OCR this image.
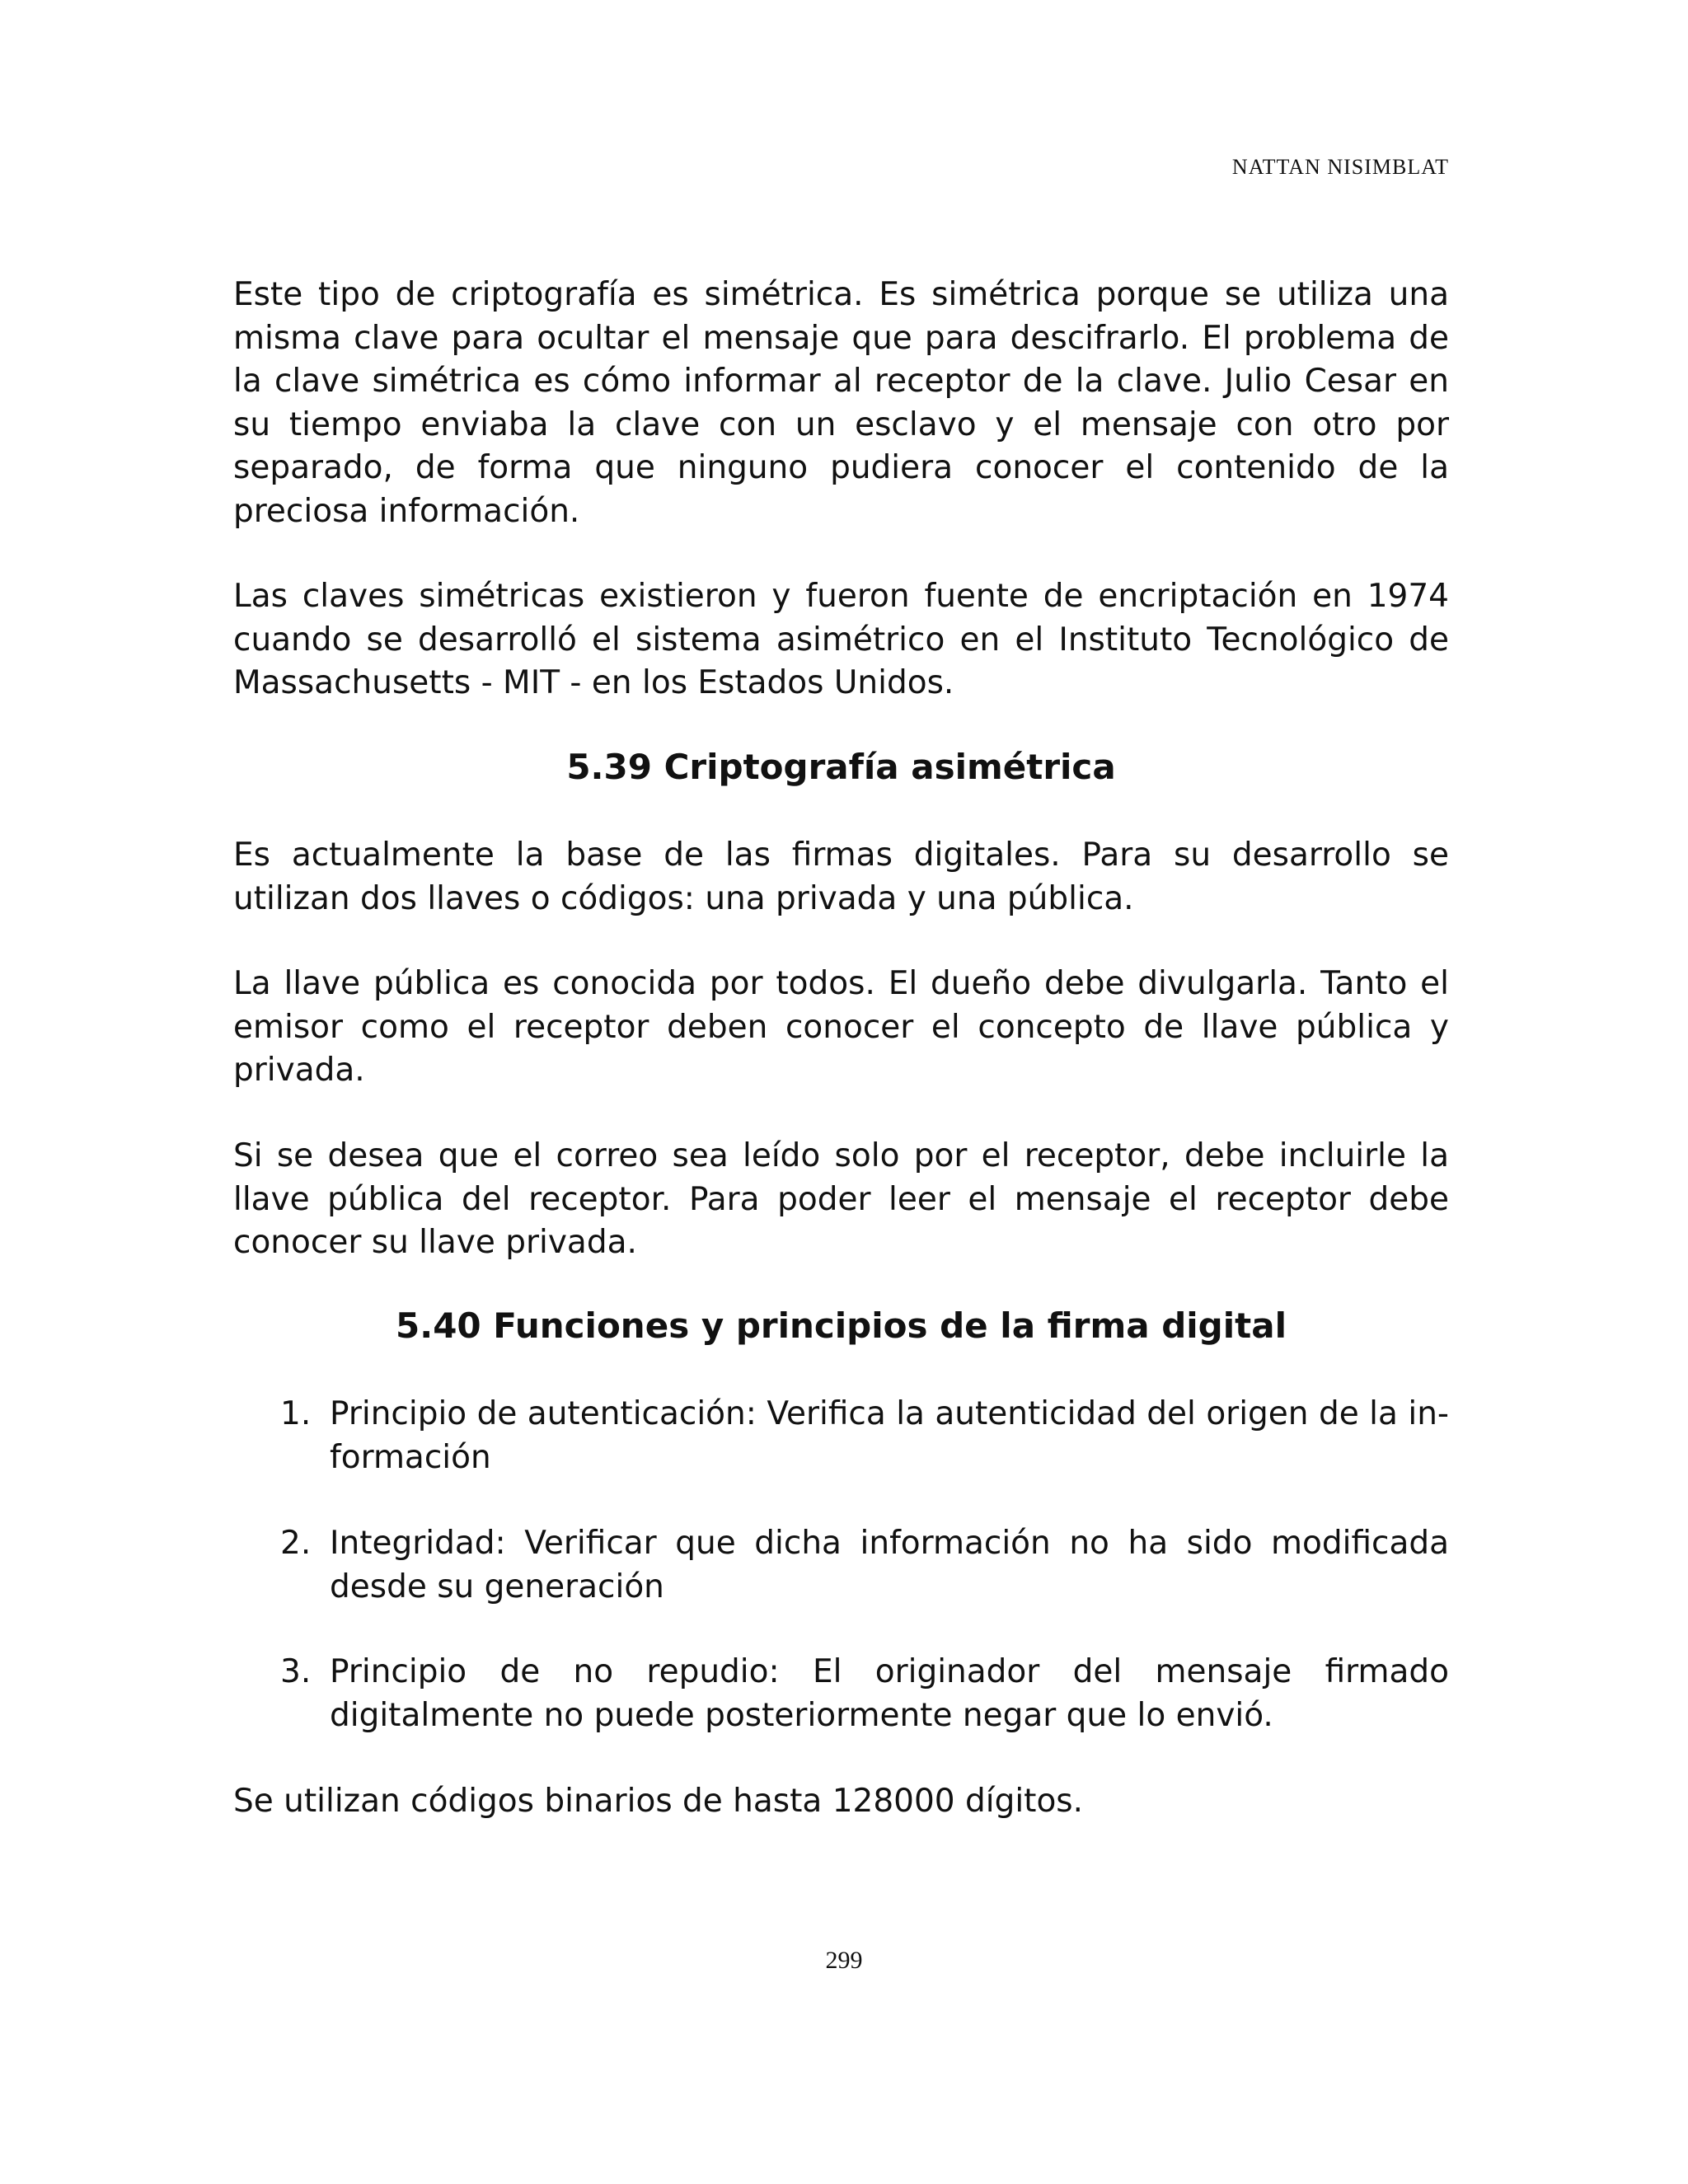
NATTAN NISIMBLAT

Este tipo de criptografía es simétrica. Es simétrica porque se utiliza una misma clave para ocultar el mensaje que para descifrarlo. El problema de la clave simétrica es cómo informar al receptor de la clave. Julio Cesar en su tiempo enviaba la clave con un esclavo y el mensaje con otro por separado, de forma que ninguno pudiera conocer el contenido de la preciosa información.

Las claves simétricas existieron y fueron fuente de encriptación en 1974 cuando se desarrolló el sistema asimétrico en el Instituto Tecnológico de Massachusetts - MIT - en los Estados Unidos.

5.39 Criptografía asimétrica

Es actualmente la base de las firmas digitales. Para su desarrollo se utilizan dos llaves o códigos: una privada y una pública.

La llave pública es conocida por todos. El dueño debe divulgarla. Tanto el emisor como el receptor deben conocer el concepto de llave pública y privada.

Si se desea que el correo sea leído solo por el receptor, debe incluirle la llave pública del receptor. Para poder leer el mensaje el receptor debe conocer su llave privada.

5.40 Funciones y principios de la firma digital
1. Principio de autenticación: Verifica la autenticidad del origen de la información
2. Integridad: Verificar que dicha información no ha sido modificada desde su generación
3. Principio de no repudio: El originador del mensaje firmado digitalmente no puede posteriormente negar que lo envió.

Se utilizan códigos binarios de hasta 128000 dígitos.

299
